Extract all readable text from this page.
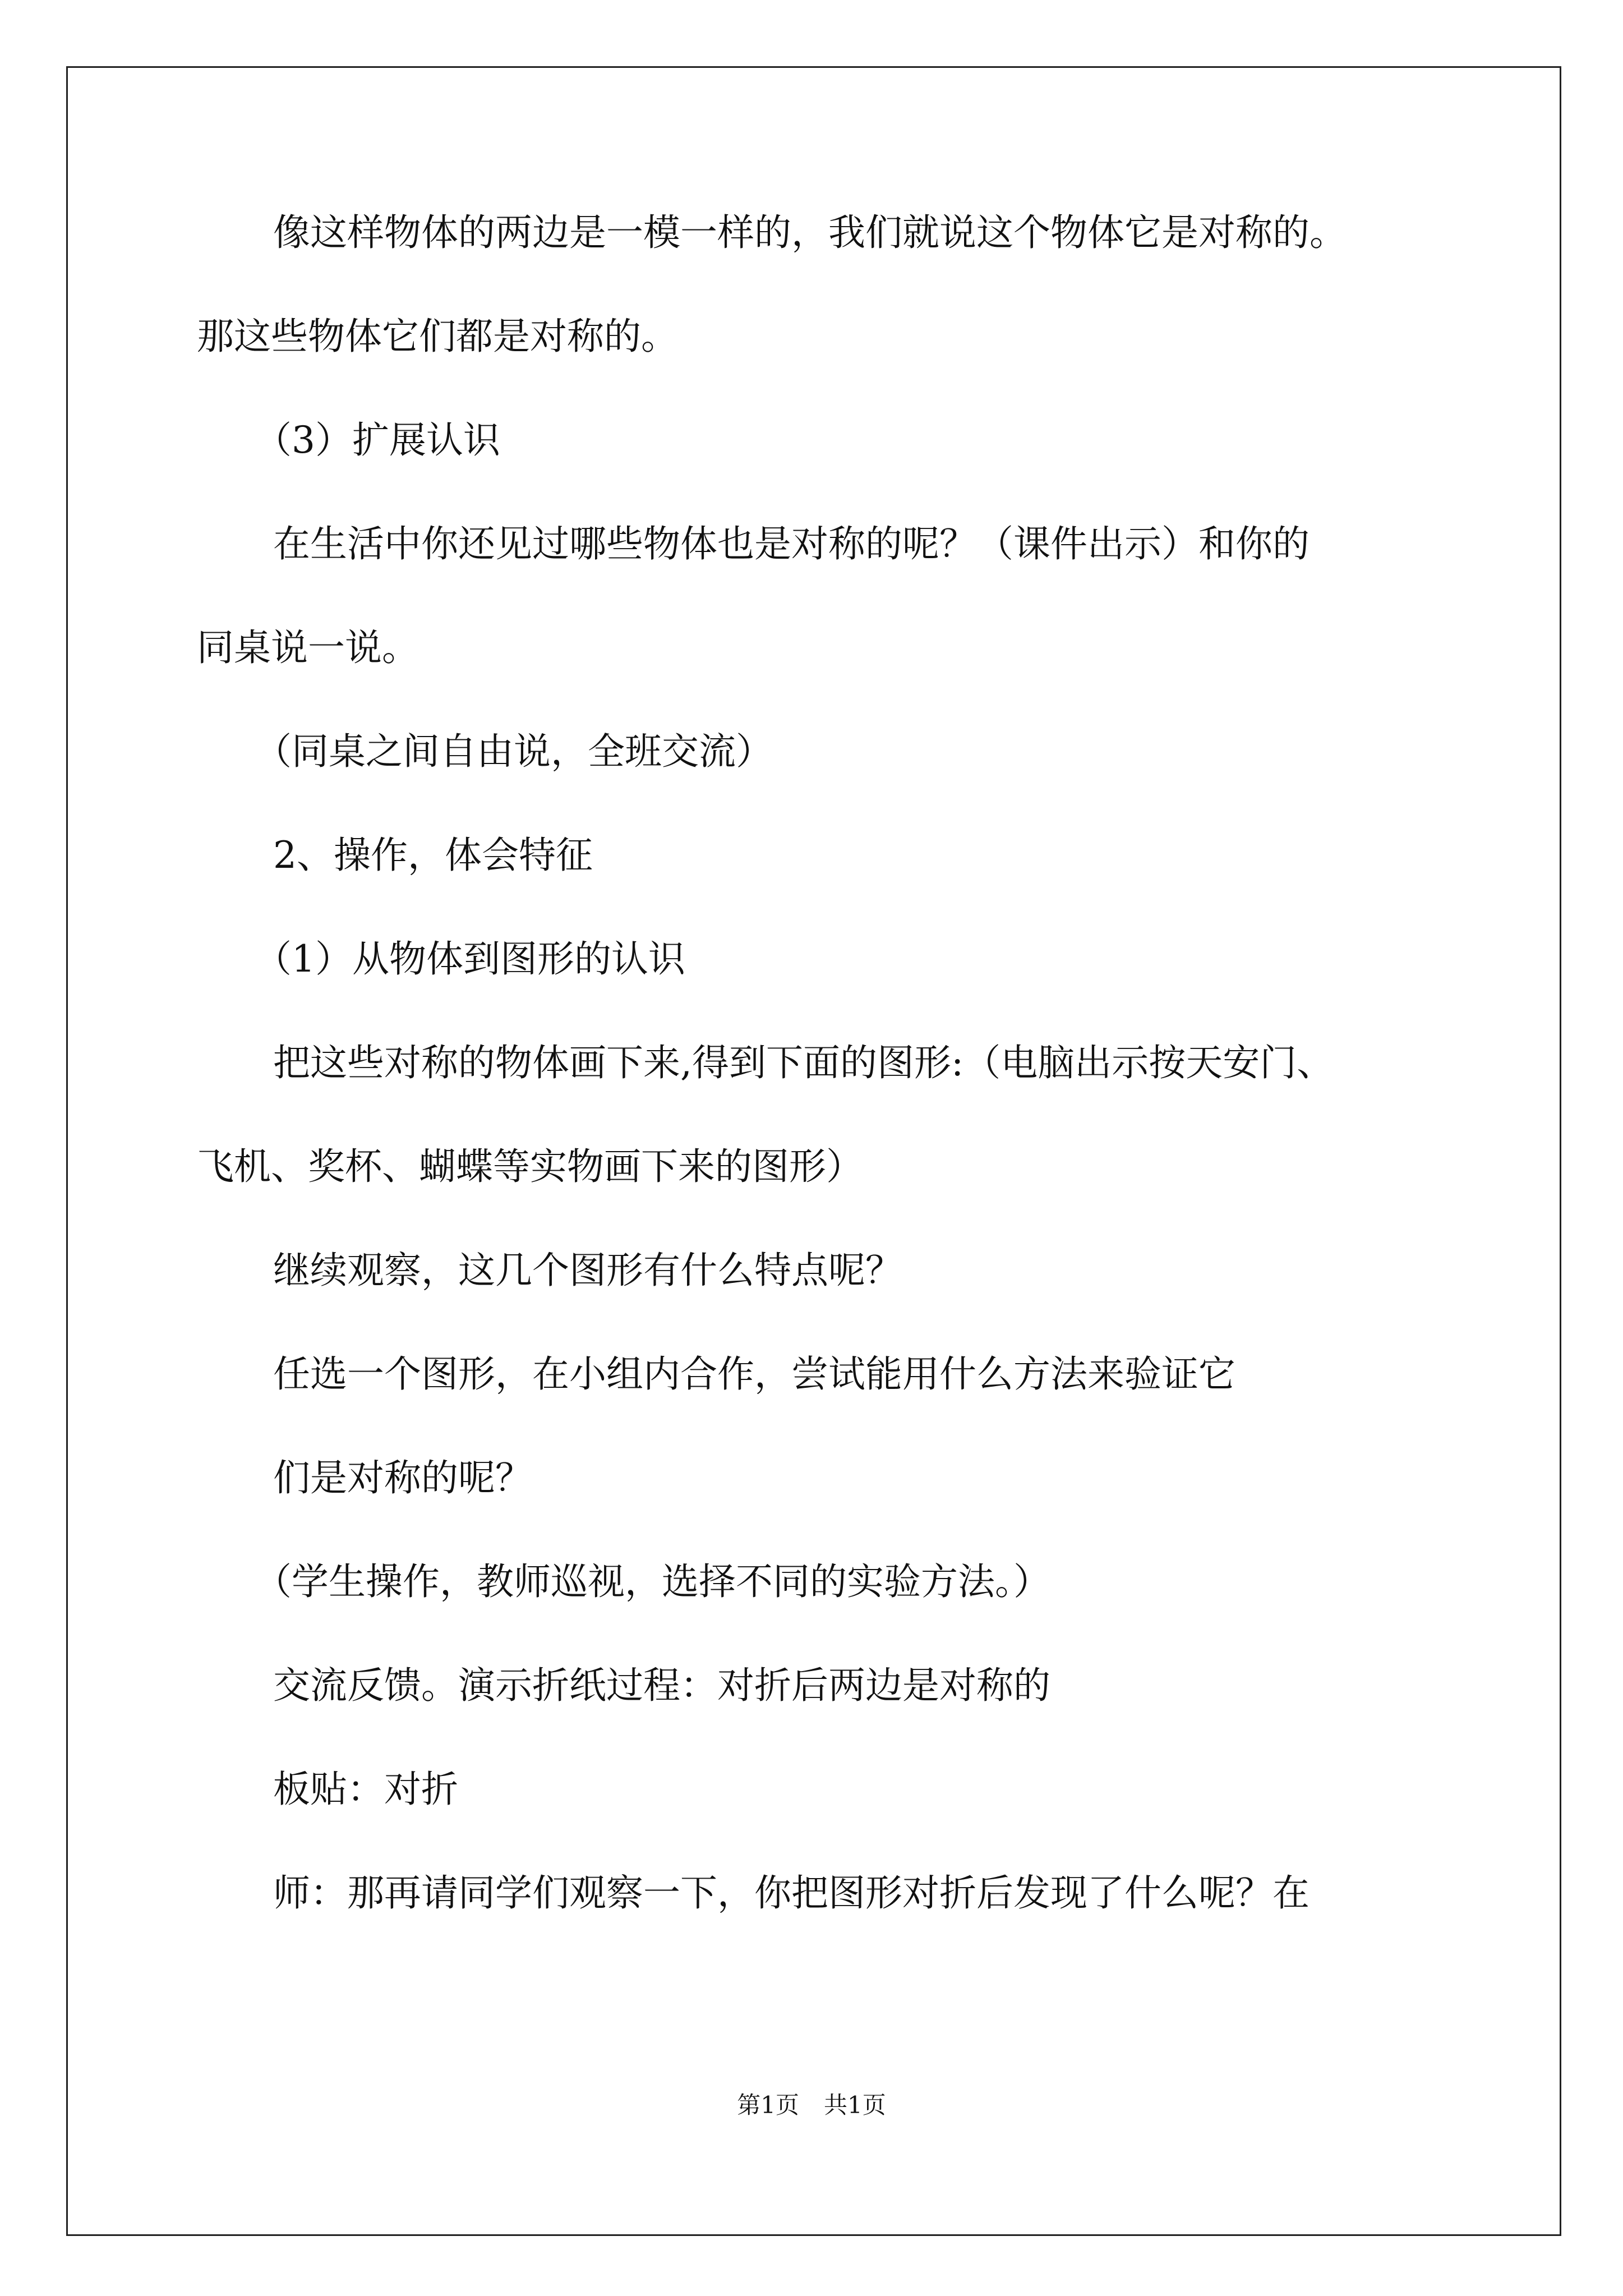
　　像这样物体的两边是一模一样的，我们就说这个物体它是对称的。
那这些物体它们都是对称的。
　　（3）扩展认识
　　在生活中你还见过哪些物体也是对称的呢？（课件出示）和你的
同桌说一说。
　　（同桌之间自由说，全班交流）
　　2、操作，体会特征
　　（1）从物体到图形的认识
　　把这些对称的物体画下来,得到下面的图形:（电脑出示按天安门、
飞机、奖杯、蝴蝶等实物画下来的图形）
　　继续观察，这几个图形有什么特点呢？
　　任选一个图形，在小组内合作，尝试能用什么方法来验证它
　　们是对称的呢？
　　（学生操作，教师巡视，选择不同的实验方法。）
　　交流反馈。演示折纸过程：对折后两边是对称的
　　板贴：对折
　　师：那再请同学们观察一下，你把图形对折后发现了什么呢？在
第1页 共1页
